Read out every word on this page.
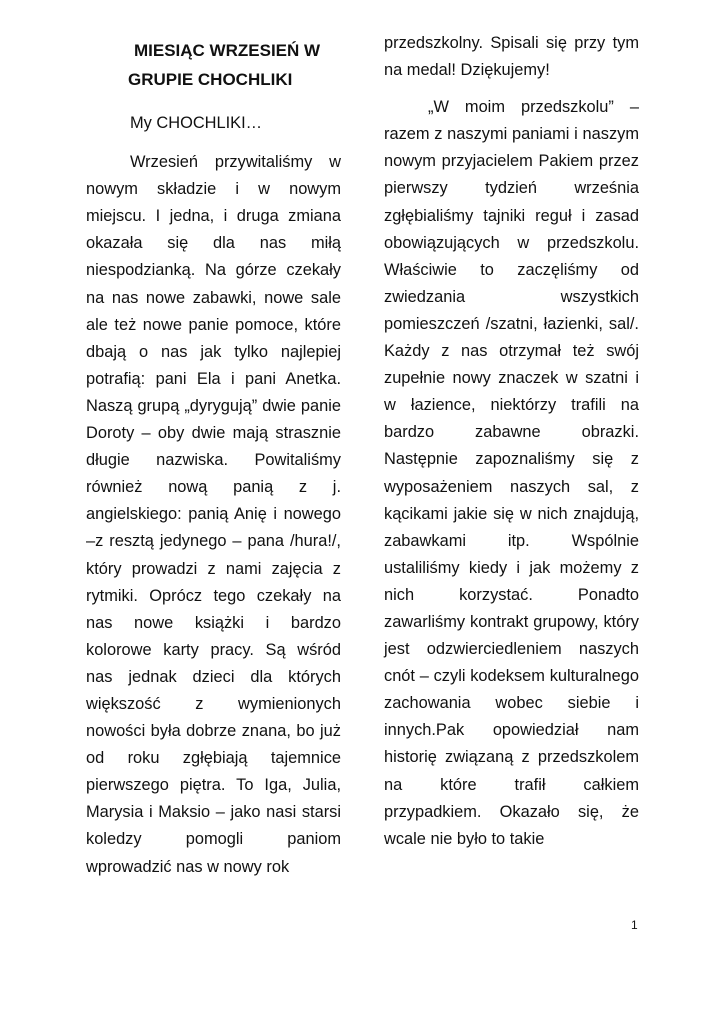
MIESIĄC WRZESIEŃ W
GRUPIE CHOCHLIKI
My CHOCHLIKI…

Wrzesień przywitaliśmy w nowym składzie i w nowym miejscu. I jedna, i druga zmiana okazała się dla nas miłą niespodzianką. Na górze czekały na nas nowe zabawki, nowe sale ale też nowe panie pomoce, które dbają o nas jak tylko najlepiej potrafią: pani Ela i pani Anetka. Naszą grupą „dyrygują” dwie panie Doroty – oby dwie mają strasznie długie nazwiska. Powitaliśmy również nową panią z j. angielskiego: panią Anię i nowego –z resztą jedynego – pana /hura!/, który prowadzi z nami zajęcia z rytmiki. Oprócz tego czekały na nas nowe książki i bardzo kolorowe karty pracy. Są wśród nas jednak dzieci dla których większość z wymienionych nowości była dobrze znana, bo już od roku zgłębiają tajemnice pierwszego piętra. To Iga, Julia, Marysia i Maksio – jako nasi starsi koledzy pomogli paniom wprowadzić nas w nowy rok

przedszkolny. Spisali się przy tym na medal! Dziękujemy!

„W moim przedszkolu” – razem z naszymi paniami i naszym nowym przyjacielem Pakiem przez pierwszy tydzień września zgłębialiśmy tajniki reguł i zasad obowiązujących w przedszkolu. Właściwie to zaczęliśmy od zwiedzania wszystkich pomieszczeń /szatni, łazienki, sal/. Każdy z nas otrzymał też swój zupełnie nowy znaczek w szatni i w łazience, niektórzy trafili na bardzo zabawne obrazki. Następnie zapoznaliśmy się z wyposażeniem naszych sal, z kącikami jakie się w nich znajdują, zabawkami itp. Wspólnie ustaliliśmy kiedy i jak możemy z nich korzystać. Ponadto zawarliśmy kontrakt grupowy, który jest odzwierciedleniem naszych cnót – czyli kodeksem kulturalnego zachowania wobec siebie i innych.Pak opowiedział nam historię związaną z przedszkolem na które trafił całkiem przypadkiem. Okazało się, że wcale nie było to takie

1
